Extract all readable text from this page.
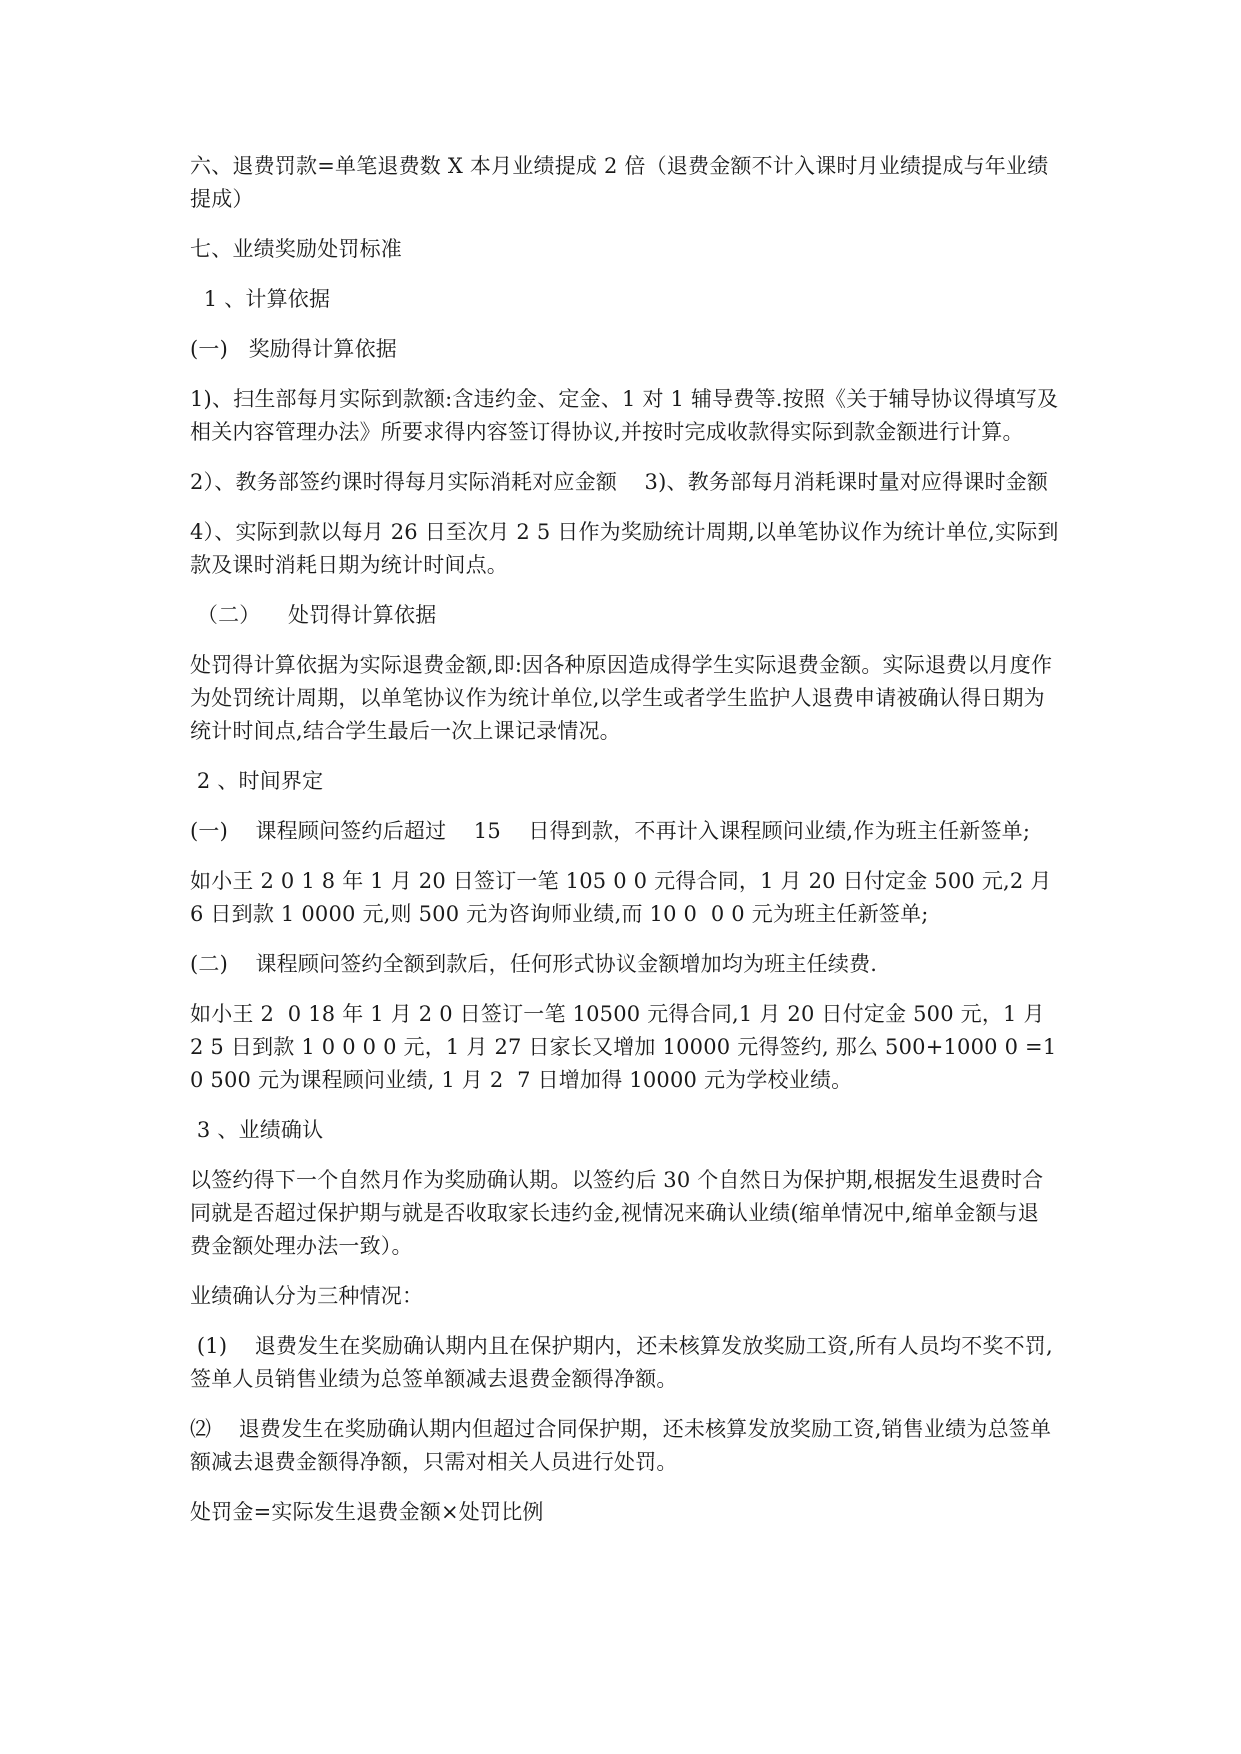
六、退费罚款=单笔退费数 X 本月业绩提成 2 倍（退费金额不计入课时月业绩提成与年业绩提成）

七、业绩奖励处罚标准

1 、计算依据

(一)   奖励得计算依据

1)、扫生部每月实际到款额:含违约金、定金、1 对 1 辅导费等.按照《关于辅导协议得填写及相关内容管理办法》所要求得内容签订得协议,并按时完成收款得实际到款金额进行计算。

2）、教务部签约课时得每月实际消耗对应金额    3)、教务部每月消耗课时量对应得课时金额

4）、实际到款以每月 26 日至次月 2 5 日作为奖励统计周期,以单笔协议作为统计单位,实际到款及课时消耗日期为统计时间点。

（二）    处罚得计算依据

处罚得计算依据为实际退费金额,即:因各种原因造成得学生实际退费金额。实际退费以月度作为处罚统计周期，以单笔协议作为统计单位,以学生或者学生监护人退费申请被确认得日期为统计时间点,结合学生最后一次上课记录情况。

2 、时间界定

(一)    课程顾问签约后超过    15    日得到款，不再计入课程顾问业绩,作为班主任新签单;

如小王 2 0 1 8 年 1 月 20 日签订一笔 105 0 0 元得合同，1 月 20 日付定金 500 元,2 月 6 日到款 1 0000 元,则 500 元为咨询师业绩,而 10 0  0 0 元为班主任新签单;

(二)    课程顾问签约全额到款后，任何形式协议金额增加均为班主任续费.

如小王 2  0 18 年 1 月 2 0 日签订一笔 10500 元得合同,1 月 20 日付定金 500 元，1 月 2 5 日到款 1 0 0 0 0 元，1 月 27 日家长又增加 10000 元得签约, 那么 500+1000 0 =1 0 500 元为课程顾问业绩, 1 月 2  7 日增加得 10000 元为学校业绩。

3 、业绩确认

以签约得下一个自然月作为奖励确认期。以签约后 30 个自然日为保护期,根据发生退费时合同就是否超过保护期与就是否收取家长违约金,视情况来确认业绩(缩单情况中,缩单金额与退费金额处理办法一致）。

业绩确认分为三种情况：

(1)    退费发生在奖励确认期内且在保护期内，还未核算发放奖励工资,所有人员均不奖不罚,签单人员销售业绩为总签单额减去退费金额得净额。

⑵    退费发生在奖励确认期内但超过合同保护期，还未核算发放奖励工资,销售业绩为总签单额减去退费金额得净额，只需对相关人员进行处罚。

处罚金=实际发生退费金额×处罚比例
